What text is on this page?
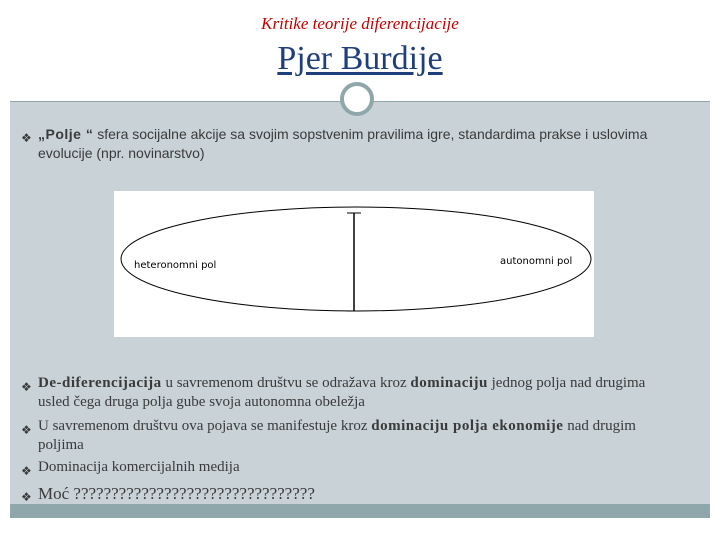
Kritike teorije diferencijacije
Pjer Burdije
❖ „Polje “ sfera socijalne akcije sa svojim sopstvenim pravilima igre, standardima prakse i uslovima evolucije (npr. novinarstvo)
heteronomni pol	autonomni pol
❖ De-diferencijacija u savremenom društvu se odražava kroz dominaciju jednog polja nad drugima usled čega druga polja gube svoja autonomna obeležja
❖ U savremenom društvu ova pojava se manifestuje kroz dominaciju polja ekonomije nad drugim poljima
❖ Dominacija komercijalnih medija
❖ Moć ????????????????????????????????
